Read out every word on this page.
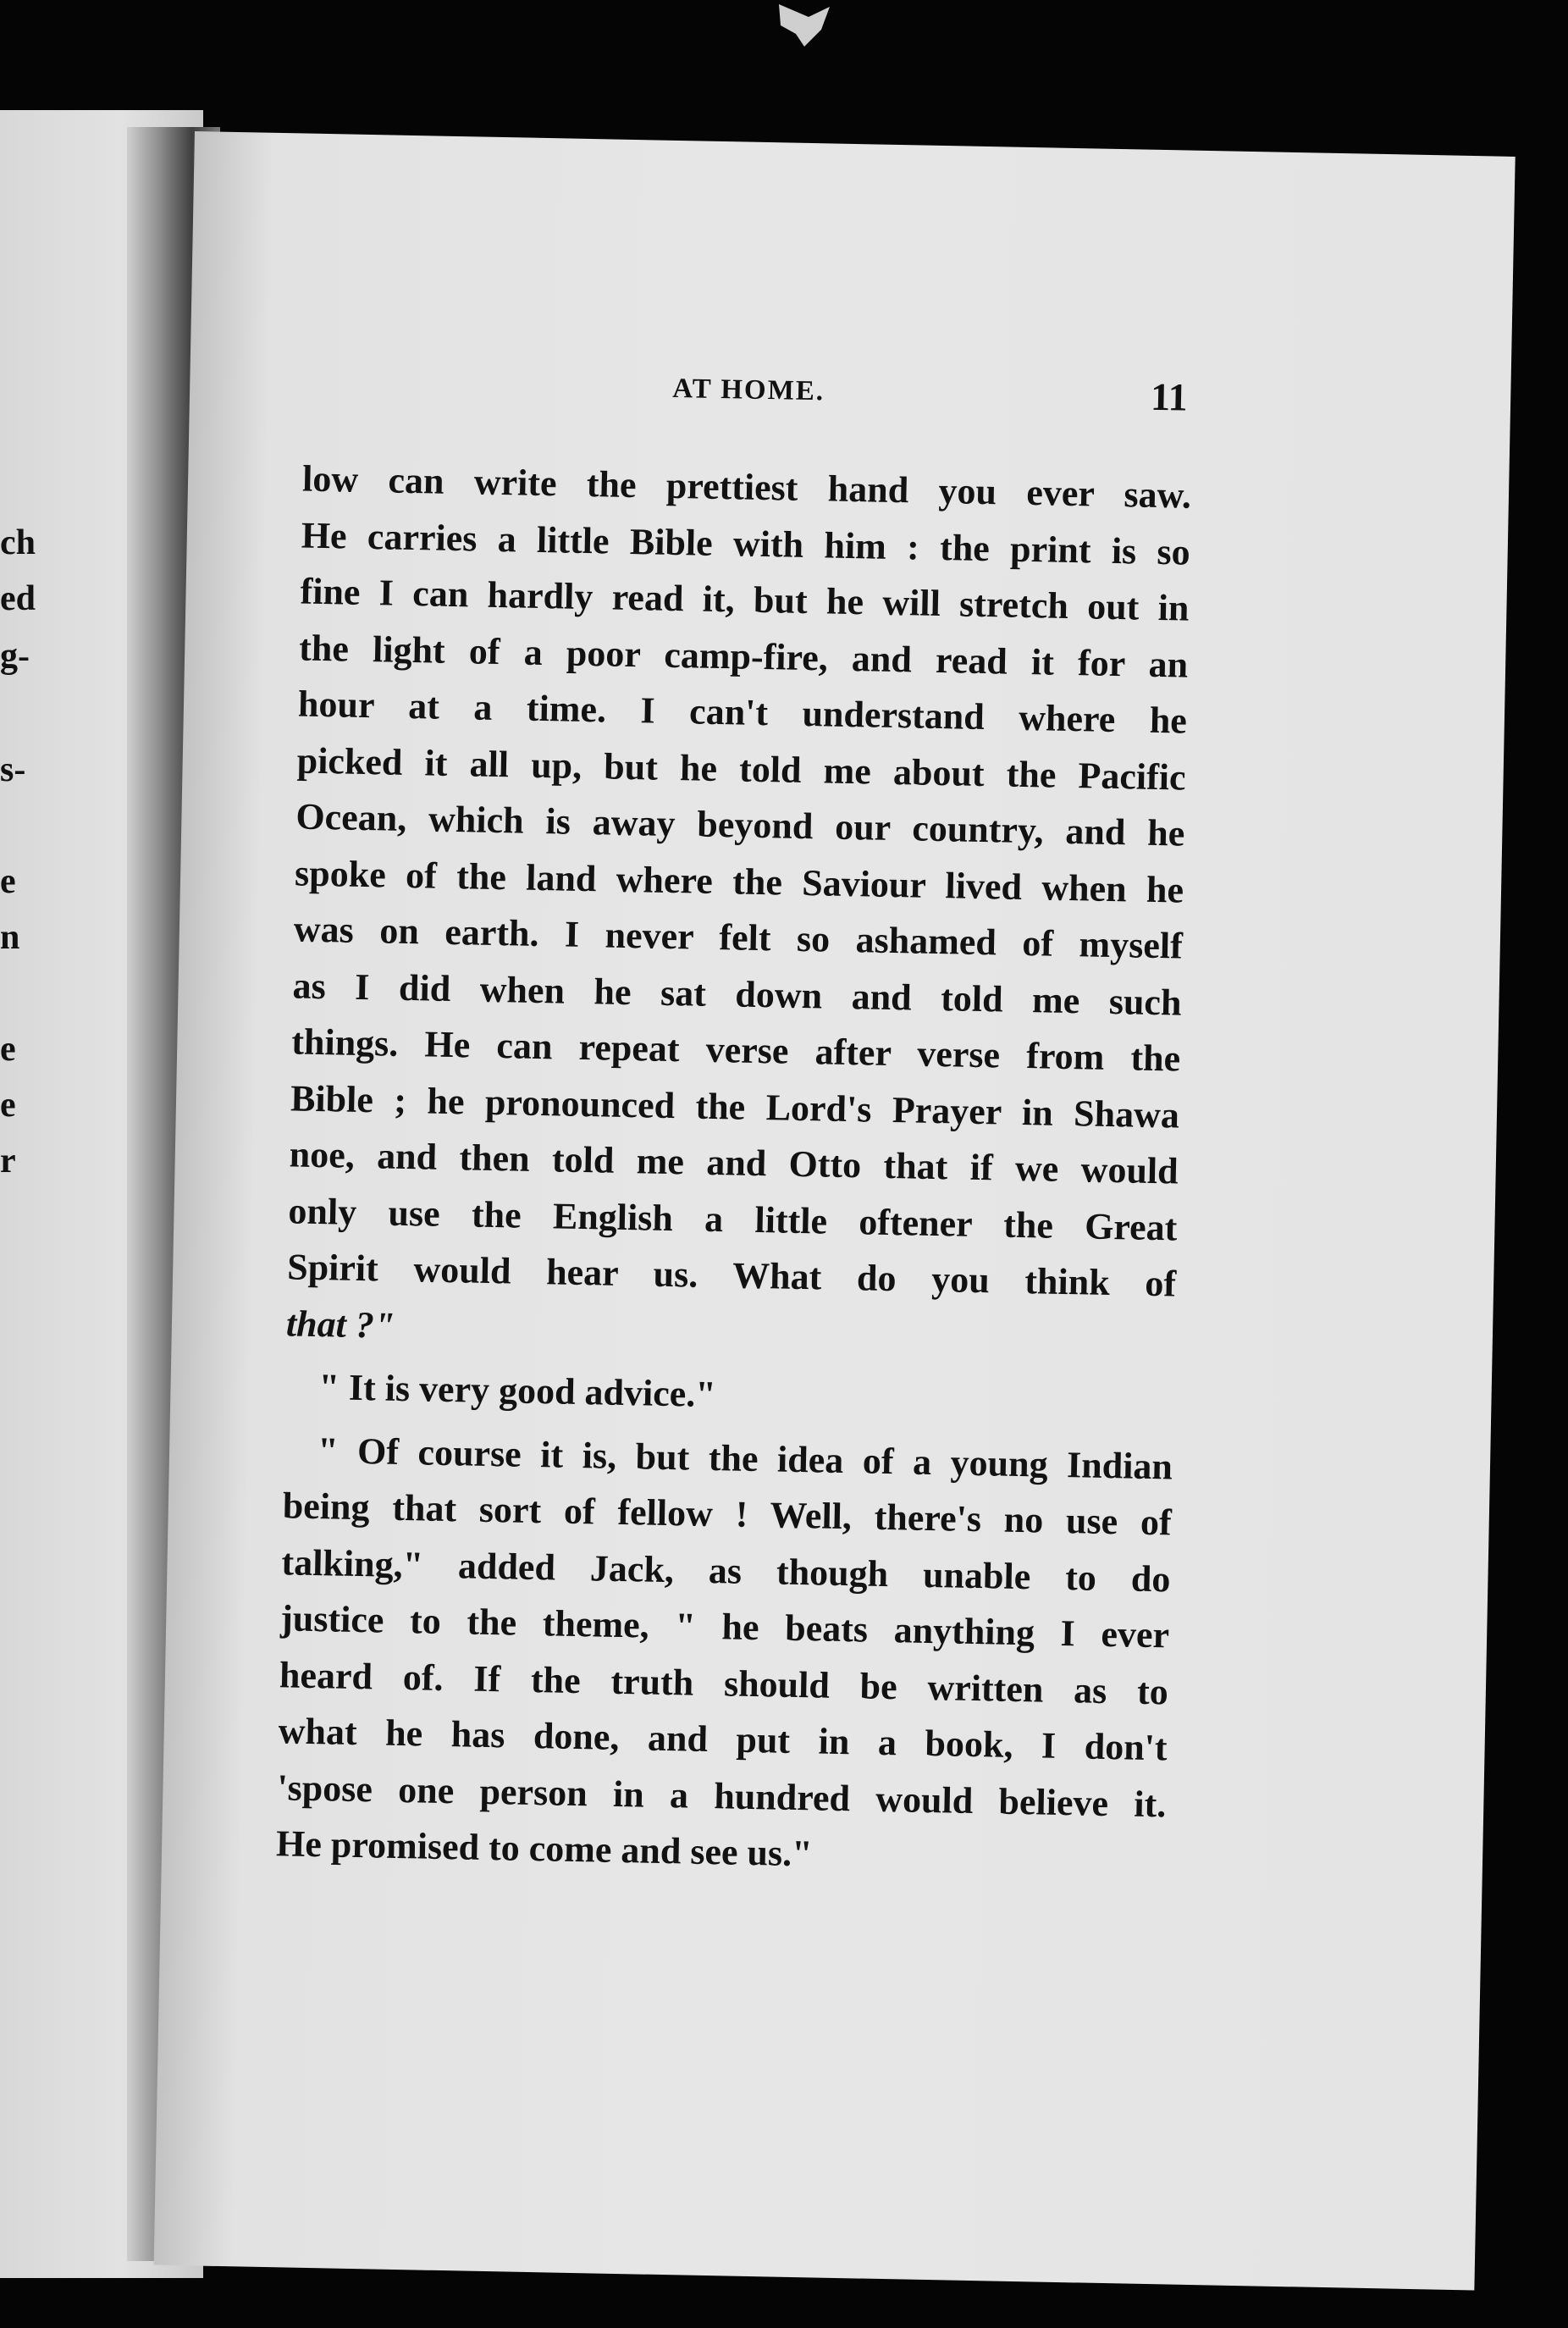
ch
ed
g-
s-
e
n
e
e
r
AT HOME.	11
low can write the prettiest hand you ever saw.
He carries a little Bible with him : the print is so
fine I can hardly read it, but he will stretch out in
the light of a poor camp-fire, and read it for an
hour at a time. I can't understand where he
picked it all up, but he told me about the Pacific
Ocean, which is away beyond our country, and he
spoke of the land where the Saviour lived when he
was on earth. I never felt so ashamed of myself
as I did when he sat down and told me such
things. He can repeat verse after verse from the
Bible ; he pronounced the Lord's Prayer in Shawa
noe, and then told me and Otto that if we would
only use the English a little oftener the Great
Spirit would hear us. What do you think of
that ?"
" It is very good advice."
" Of course it is, but the idea of a young Indian
being that sort of fellow ! Well, there's no use of
talking," added Jack, as though unable to do
justice to the theme, " he beats anything I ever
heard of. If the truth should be written as to
what he has done, and put in a book, I don't
'spose one person in a hundred would believe it.
He promised to come and see us."
